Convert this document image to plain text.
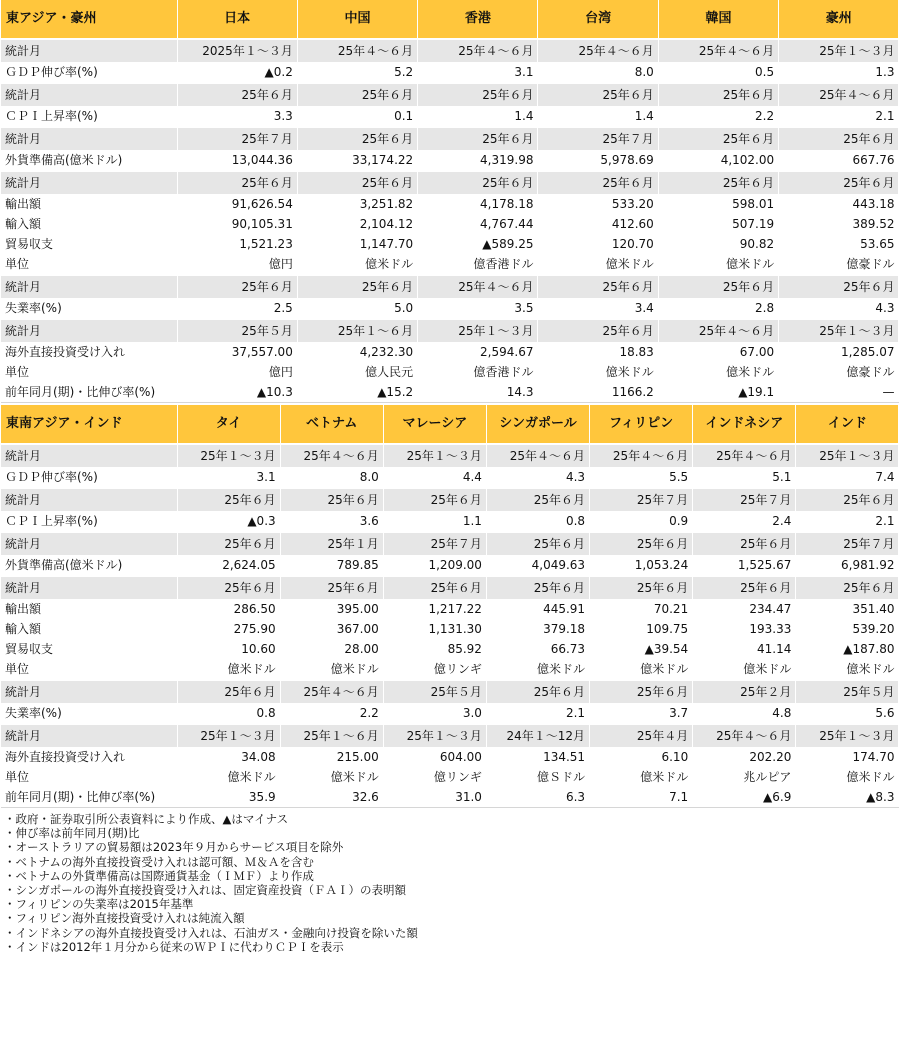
東アジア・豪州	日本	中国	香港	台湾	韓国	豪州
統計月	2025年１～３月	25年４～６月	25年４～６月	25年４～６月	25年４～６月	25年１～３月
ＧＤＰ伸び率(%)	▲0.2	5.2	3.1	8.0	0.5	1.3
統計月	25年６月	25年６月	25年６月	25年６月	25年６月	25年４～６月
ＣＰＩ上昇率(%)	3.3	0.1	1.4	1.4	2.2	2.1
統計月	25年７月	25年６月	25年６月	25年７月	25年６月	25年６月
外貨準備高(億米ドル)	13,044.36	33,174.22	4,319.98	5,978.69	4,102.00	667.76
統計月	25年６月	25年６月	25年６月	25年６月	25年６月	25年６月
輸出額	91,626.54	3,251.82	4,178.18	533.20	598.01	443.18
輸入額	90,105.31	2,104.12	4,767.44	412.60	507.19	389.52
貿易収支	1,521.23	1,147.70	▲589.25	120.70	90.82	53.65
単位	億円	億米ドル	億香港ドル	億米ドル	億米ドル	億豪ドル
統計月	25年６月	25年６月	25年４～６月	25年６月	25年６月	25年６月
失業率(%)	2.5	5.0	3.5	3.4	2.8	4.3
統計月	25年５月	25年１～６月	25年１～３月	25年６月	25年４～６月	25年１～３月
海外直接投資受け入れ	37,557.00	4,232.30	2,594.67	18.83	67.00	1,285.07
単位	億円	億人民元	億香港ドル	億米ドル	億米ドル	億豪ドル
前年同月(期)・比伸び率(%)	▲10.3	▲15.2	14.3	1166.2	▲19.1	—
東南アジア・インド	タイ	ベトナム	マレーシア	シンガポール	フィリピン	インドネシア	インド
統計月	25年１～３月	25年４～６月	25年１～３月	25年４～６月	25年４～６月	25年４～６月	25年１～３月
ＧＤＰ伸び率(%)	3.1	8.0	4.4	4.3	5.5	5.1	7.4
統計月	25年６月	25年６月	25年６月	25年６月	25年７月	25年７月	25年６月
ＣＰＩ上昇率(%)	▲0.3	3.6	1.1	0.8	0.9	2.4	2.1
統計月	25年６月	25年１月	25年７月	25年６月	25年６月	25年６月	25年７月
外貨準備高(億米ドル)	2,624.05	789.85	1,209.00	4,049.63	1,053.24	1,525.67	6,981.92
統計月	25年６月	25年６月	25年６月	25年６月	25年６月	25年６月	25年６月
輸出額	286.50	395.00	1,217.22	445.91	70.21	234.47	351.40
輸入額	275.90	367.00	1,131.30	379.18	109.75	193.33	539.20
貿易収支	10.60	28.00	85.92	66.73	▲39.54	41.14	▲187.80
単位	億米ドル	億米ドル	億リンギ	億米ドル	億米ドル	億米ドル	億米ドル
統計月	25年６月	25年４～６月	25年５月	25年６月	25年６月	25年２月	25年５月
失業率(%)	0.8	2.2	3.0	2.1	3.7	4.8	5.6
統計月	25年１～３月	25年１～６月	25年１～３月	24年１～12月	25年４月	25年４～６月	25年１～３月
海外直接投資受け入れ	34.08	215.00	604.00	134.51	6.10	202.20	174.70
単位	億米ドル	億米ドル	億リンギ	億Ｓドル	億米ドル	兆ルピア	億米ドル
前年同月(期)・比伸び率(%)	35.9	32.6	31.0	6.3	7.1	▲6.9	▲8.3
・政府・証券取引所公表資料により作成、▲はマイナス
・伸び率は前年同月(期)比
・オーストラリアの貿易額は2023年９月からサービス項目を除外
・ベトナムの海外直接投資受け入れは認可額、Ｍ＆Ａを含む
・ベトナムの外貨準備高は国際通貨基金（ＩＭＦ）より作成
・シンガポールの海外直接投資受け入れは、固定資産投資（ＦＡＩ）の表明額
・フィリピンの失業率は2015年基準
・フィリピン海外直接投資受け入れは純流入額
・インドネシアの海外直接投資受け入れは、石油ガス・金融向け投資を除いた額
・インドは2012年１月分から従来のＷＰＩに代わりＣＰＩを表示
